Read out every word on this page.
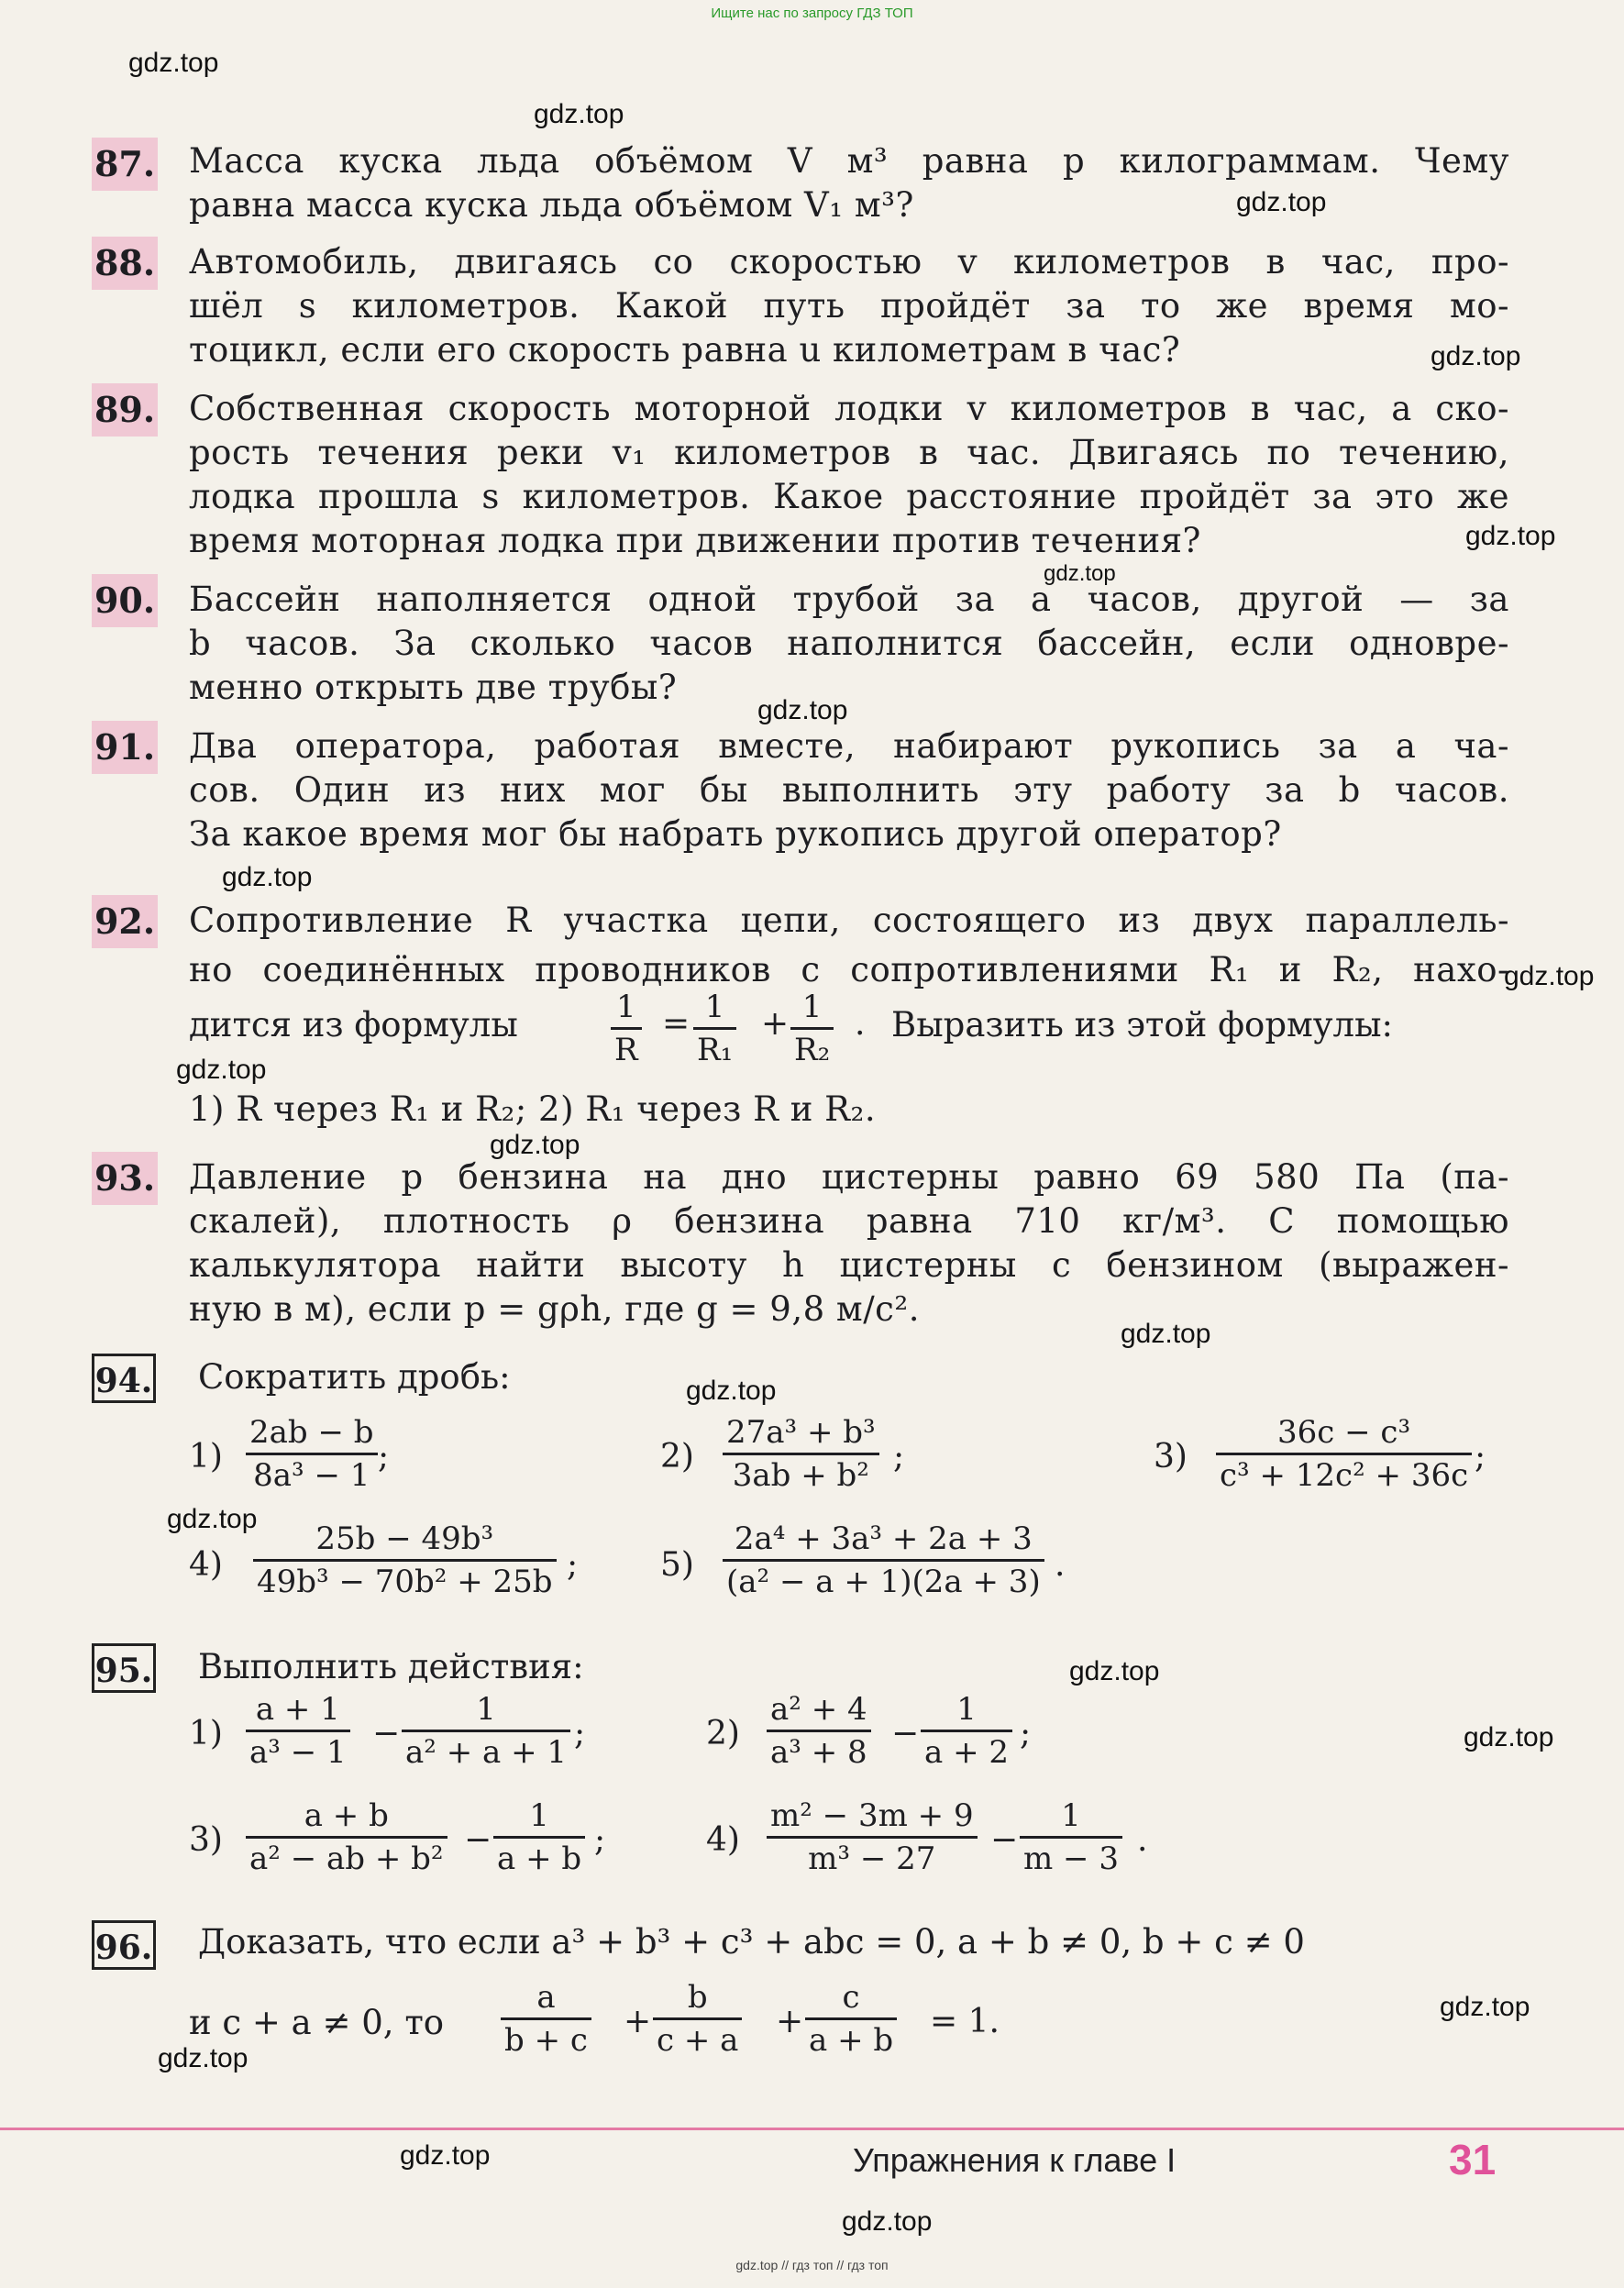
Ищите нас по запросу ГДЗ ТОП
gdz.top
gdz.top
gdz.top
gdz.top
gdz.top
gdz.top
gdz.top
gdz.top
gdz.top
gdz.top
gdz.top
gdz.top
gdz.top
gdz.top
gdz.top
gdz.top
gdz.top
gdz.top
gdz.top
gdz.top
87. Масса куска льда объёмом V м³ равна p килограммам. Чему
равна масса куска льда объёмом V₁ м³?
88. Автомобиль, двигаясь со скоростью v километров в час, про-
шёл s километров. Какой путь пройдёт за то же время мо-
тоцикл, если его скорость равна u километрам в час?
89. Собственная скорость моторной лодки v километров в час, а ско-
рость течения реки v₁ километров в час. Двигаясь по течению,
лодка прошла s километров. Какое расстояние пройдёт за это же
время моторная лодка при движении против течения?
90. Бассейн наполняется одной трубой за a часов, другой — за
b часов. За сколько часов наполнится бассейн, если одновре-
менно открыть две трубы?
91. Два оператора, работая вместе, набирают рукопись за a ча-
сов. Один из них мог бы выполнить эту работу за b часов.
За какое время мог бы набрать рукопись другой оператор?
92. Сопротивление R участка цепи, состоящего из двух параллель-
но соединённых проводников с сопротивлениями R₁ и R₂, нахо-
дится из формулы	$\frac{1}{R} = \frac{1}{\text{R₁}} + \frac{1}{\text{R₂}}$ . Выразить из этой формулы:
1) R через R₁ и R₂; 2) R₁ через R и R₂.
93. Давление p бензина на дно цистерны равно 69 580 Па (па-
скалей), плотность ρ бензина равна 710 кг/м³. С помощью
калькулятора найти высоту h цистерны с бензином (выражен-
ную в м), если p = gρh, где g = 9,8 м/с².
94. Сократить дробь:
$1) \frac{2ab - b}{\text{8a³ − 1}}$ ;	$2) \frac{\text{27a³ + b³}}{\text{3ab + b²}}$ ;	$3) \frac{\text{36c − c³}}{\text{c³ + 12c² + 36c}}$ ;
$4) \frac{\text{25b − 49b³}}{\text{49b³ − 70b² + 25b}}$ ; $5) \frac{\text{2a⁴ + 3a³ + 2a + 3}}{\text{(a² − a + 1)(2a + 3)}}$ .
95. Выполнить действия:
$1) \frac{a + 1}{\text{a³ − 1}} - \frac{1}{\text{a² + a + 1}}$ ;	$2) \frac{\text{a² + 4}}{\text{a³ + 8}} - \frac{1}{a + 2}$ ;
$3) \frac{a + b}{\text{a² − ab + b²}} - \frac{1}{a + b}$ ;	$4) \frac{\text{m² − 3m + 9}}{\text{m³ − 27}} - \frac{1}{m - 3}$ .
96. Доказать, что если a³ + b³ + c³ + abc = 0, a + b ≠ 0, b + c ≠ 0
и c + a ≠ 0, то $\frac{a}{b + c} + \frac{b}{c + a} + \frac{c}{a + b} = 1$.
Упражнения к главе I	31
gdz.top // гдз топ // гдз топ
